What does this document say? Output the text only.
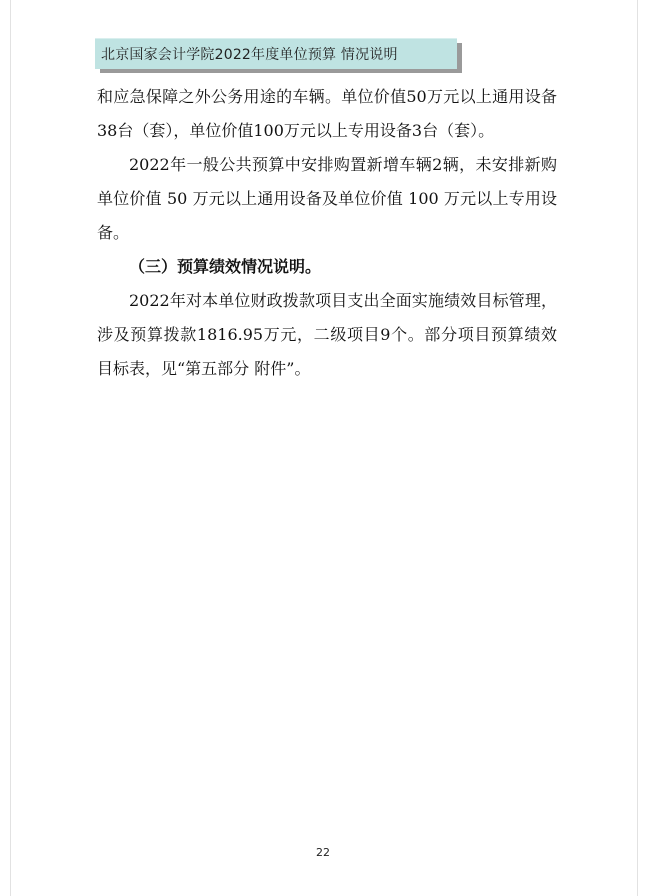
北京国家会计学院2022年度单位预算 情况说明

和应急保障之外公务用途的车辆。单位价值50万元以上通用设备38台（套），单位价值100万元以上专用设备3台（套）。

2022年一般公共预算中安排购置新增车辆2辆，未安排新购单位价值 50 万元以上通用设备及单位价值 100 万元以上专用设备。

（三）预算绩效情况说明。

2022年对本单位财政拨款项目支出全面实施绩效目标管理，涉及预算拨款1816.95万元，二级项目9个。部分项目预算绩效目标表，见“第五部分 附件”。

22
